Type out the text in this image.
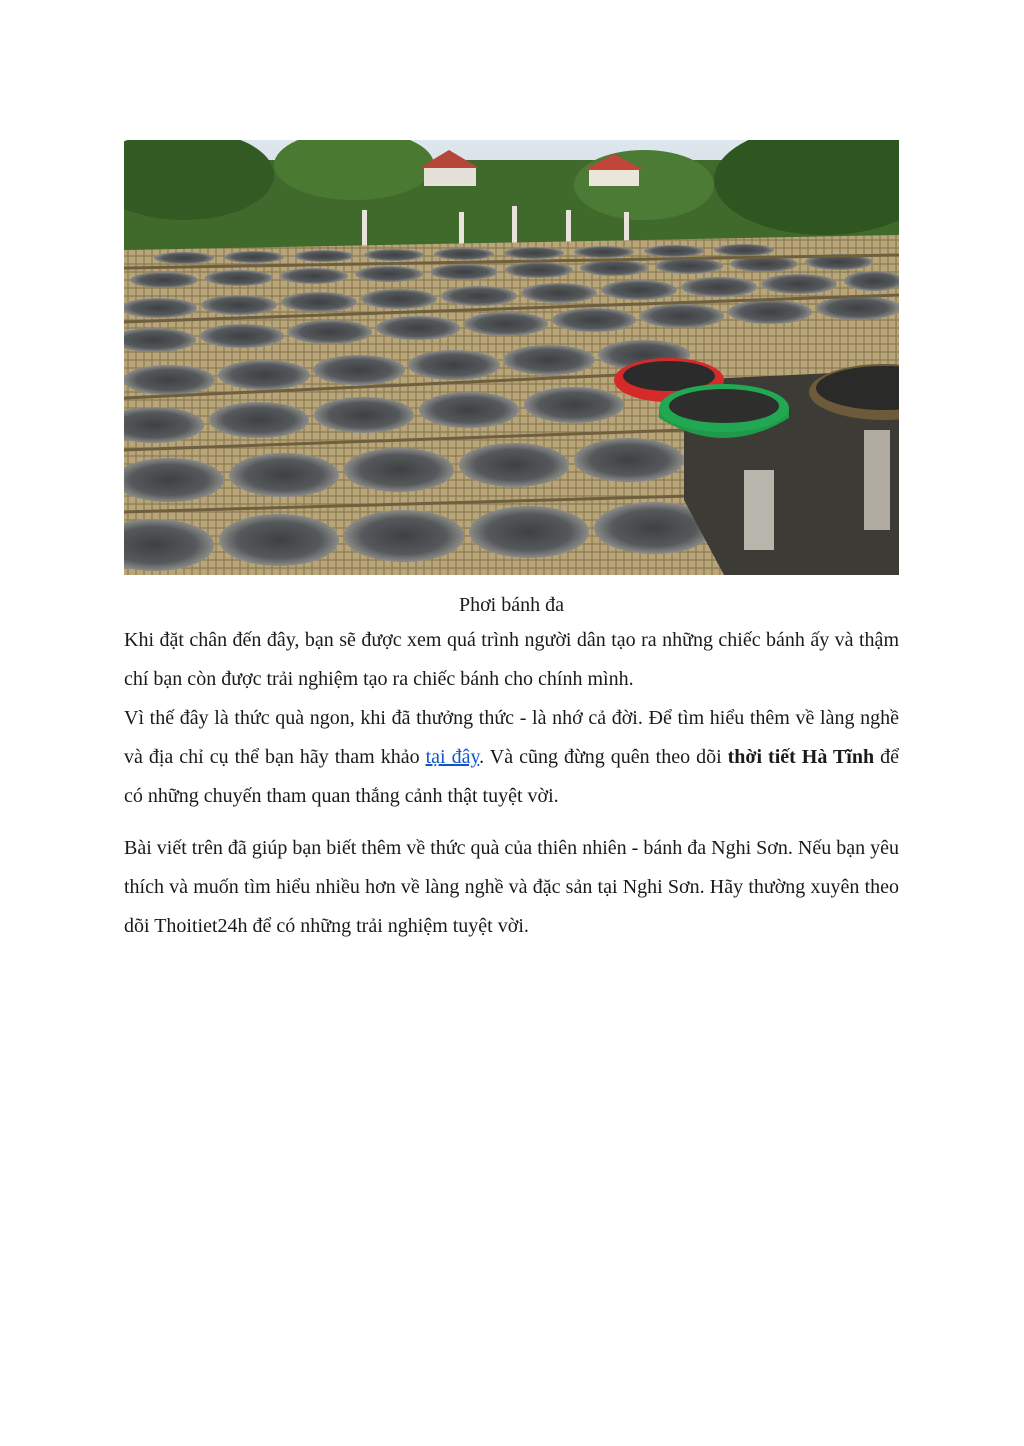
Phơi bánh đa

Khi đặt chân đến đây, bạn sẽ được xem quá trình người dân tạo ra những chiếc bánh ấy và thậm chí bạn còn được trải nghiệm tạo ra chiếc bánh cho chính mình.

Vì thế đây là thức quà ngon, khi đã thưởng thức - là nhớ cả đời. Để tìm hiểu thêm về làng nghề và địa chỉ cụ thể bạn hãy tham khảo tại đây. Và cũng đừng quên theo dõi thời tiết Hà Tĩnh để có những chuyến tham quan thắng cảnh thật tuyệt vời.

Bài viết trên đã giúp bạn biết thêm về thức quà của thiên nhiên - bánh đa Nghi Sơn. Nếu bạn yêu thích và muốn tìm hiểu nhiều hơn về làng nghề và đặc sản tại Nghi Sơn. Hãy thường xuyên theo dõi Thoitiet24h để có những trải nghiệm tuyệt vời.
